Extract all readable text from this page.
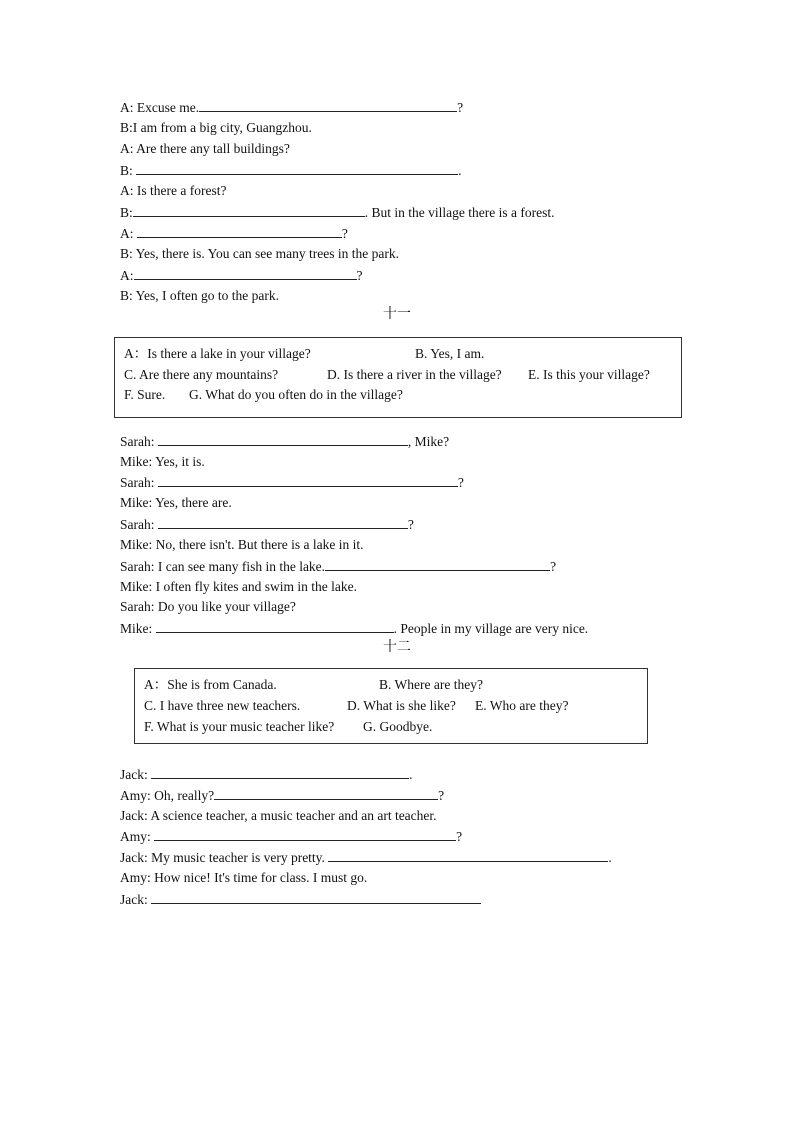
A: Excuse me.	?
B:I am from a big city, Guangzhou.
A: Are there any tall buildings?
B:	.
A: Is there a forest?
B:	. But in the village there is a forest.
A:	?
B: Yes, there is. You can see many trees in the park.
A:	?
B: Yes, I often go to the park.
十一
A：Is there a lake in your village?	B. Yes, I am.
C. Are there any mountains?	D. Is there a river in the village? E. Is this your village?
F. Sure. G. What do you often do in the village?
Sarah:	, Mike?
Mike: Yes, it is.
Sarah:	?
Mike: Yes, there are.
Sarah:	?
Mike: No, there isn't. But there is a lake in it.
Sarah: I can see many fish in the lake.	?
Mike: I often fly kites and swim in the lake.
Sarah: Do you like your village?
Mike:	. People in my village are very nice.
十二
A：She is from Canada.	B. Where are they?
C. I have three new teachers.	D. What is she like? E. Who are they?
F. What is your music teacher like? G. Goodbye.
Jack:	.
Amy: Oh, really?	?
Jack: A science teacher, a music teacher and an art teacher.
Amy:	?
Jack: My music teacher is very pretty.	.
Amy: How nice! It's time for class. I must go.
Jack:
